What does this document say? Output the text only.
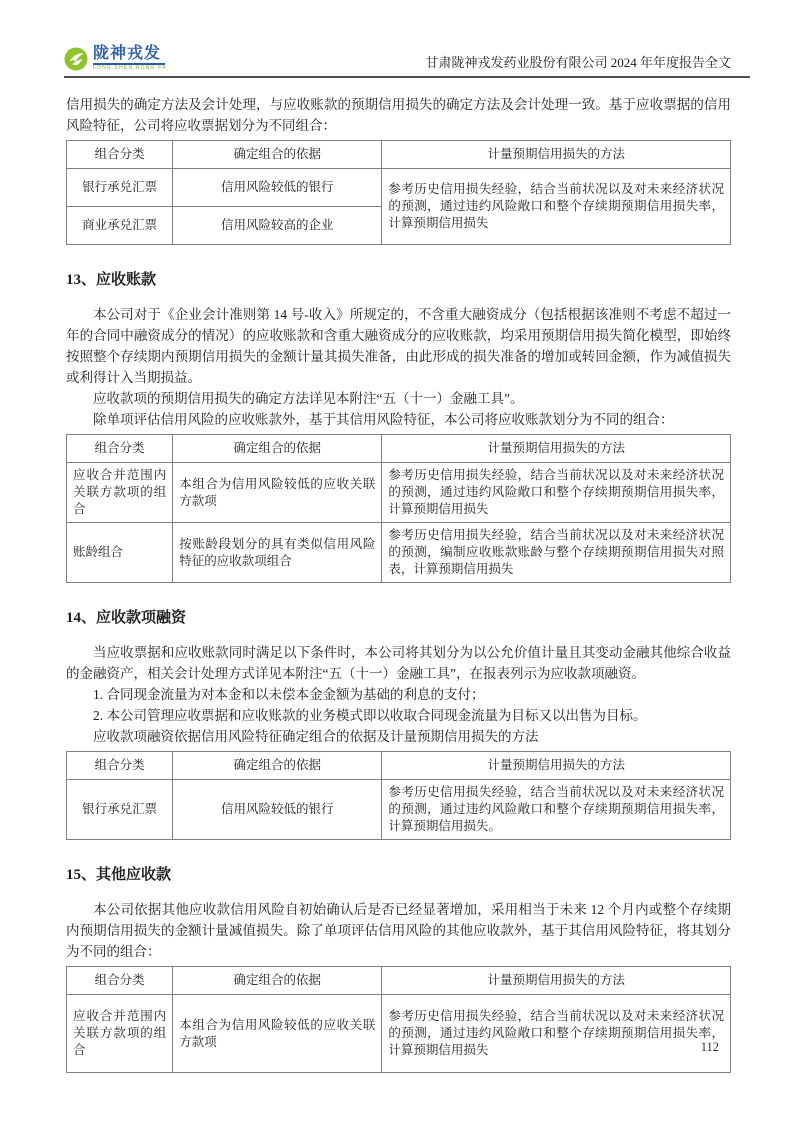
陇神戎发
LONG SHEN RONG FA	甘肃陇神戎发药业股份有限公司 2024 年年度报告全文

信用损失的确定方法及会计处理，与应收账款的预期信用损失的确定方法及会计处理一致。基于应收票据的信用风险特征，公司将应收票据划分为不同组合：

组合分类	确定组合的依据	计量预期信用损失的方法
银行承兑汇票	信用风险较低的银行	参考历史信用损失经验，结合当前状况以及对未来经济状况的预测，通过违约风险敞口和整个存续期预期信用损失率，计算预期信用损失
商业承兑汇票	信用风险较高的企业	
13、应收账款

本公司对于《企业会计准则第 14 号-收入》所规定的，不含重大融资成分（包括根据该准则不考虑不超过一年的合同中融资成分的情况）的应收账款和含重大融资成分的应收账款，均采用预期信用损失简化模型，即始终按照整个存续期内预期信用损失的金额计量其损失准备，由此形成的损失准备的增加或转回金额，作为减值损失或利得计入当期损益。

应收款项的预期信用损失的确定方法详见本附注“五（十一）金融工具”。

除单项评估信用风险的应收账款外，基于其信用风险特征，本公司将应收账款划分为不同的组合：

组合分类	确定组合的依据	计量预期信用损失的方法
应收合并范围内关联方款项的组合	本组合为信用风险较低的应收关联方款项	参考历史信用损失经验，结合当前状况以及对未来经济状况的预测，通过违约风险敞口和整个存续期预期信用损失率，计算预期信用损失
账龄组合	按账龄段划分的具有类似信用风险特征的应收款项组合	参考历史信用损失经验，结合当前状况以及对未来经济状况的预测，编制应收账款账龄与整个存续期预期信用损失对照表，计算预期信用损失
14、应收款项融资

当应收票据和应收账款同时满足以下条件时，本公司将其划分为以公允价值计量且其变动金融其他综合收益的金融资产，相关会计处理方式详见本附注“五（十一）金融工具”，在报表列示为应收款项融资。

1. 合同现金流量为对本金和以未偿本金金额为基础的利息的支付；

2. 本公司管理应收票据和应收账款的业务模式即以收取合同现金流量为目标又以出售为目标。

应收款项融资依据信用风险特征确定组合的依据及计量预期信用损失的方法

组合分类	确定组合的依据	计量预期信用损失的方法
银行承兑汇票	信用风险较低的银行	参考历史信用损失经验，结合当前状况以及对未来经济状况的预测，通过违约风险敞口和整个存续期预期信用损失率，计算预期信用损失。
15、其他应收款

本公司依据其他应收款信用风险自初始确认后是否已经显著增加，采用相当于未来 12 个月内或整个存续期内预期信用损失的金额计量减值损失。除了单项评估信用风险的其他应收款外，基于其信用风险特征，将其划分为不同的组合：

组合分类	确定组合的依据	计量预期信用损失的方法
应收合并范围内关联方款项的组合	本组合为信用风险较低的应收关联方款项	参考历史信用损失经验，结合当前状况以及对未来经济状况的预测，通过违约风险敞口和整个存续期预期信用损失率，计算预期信用损失	112
